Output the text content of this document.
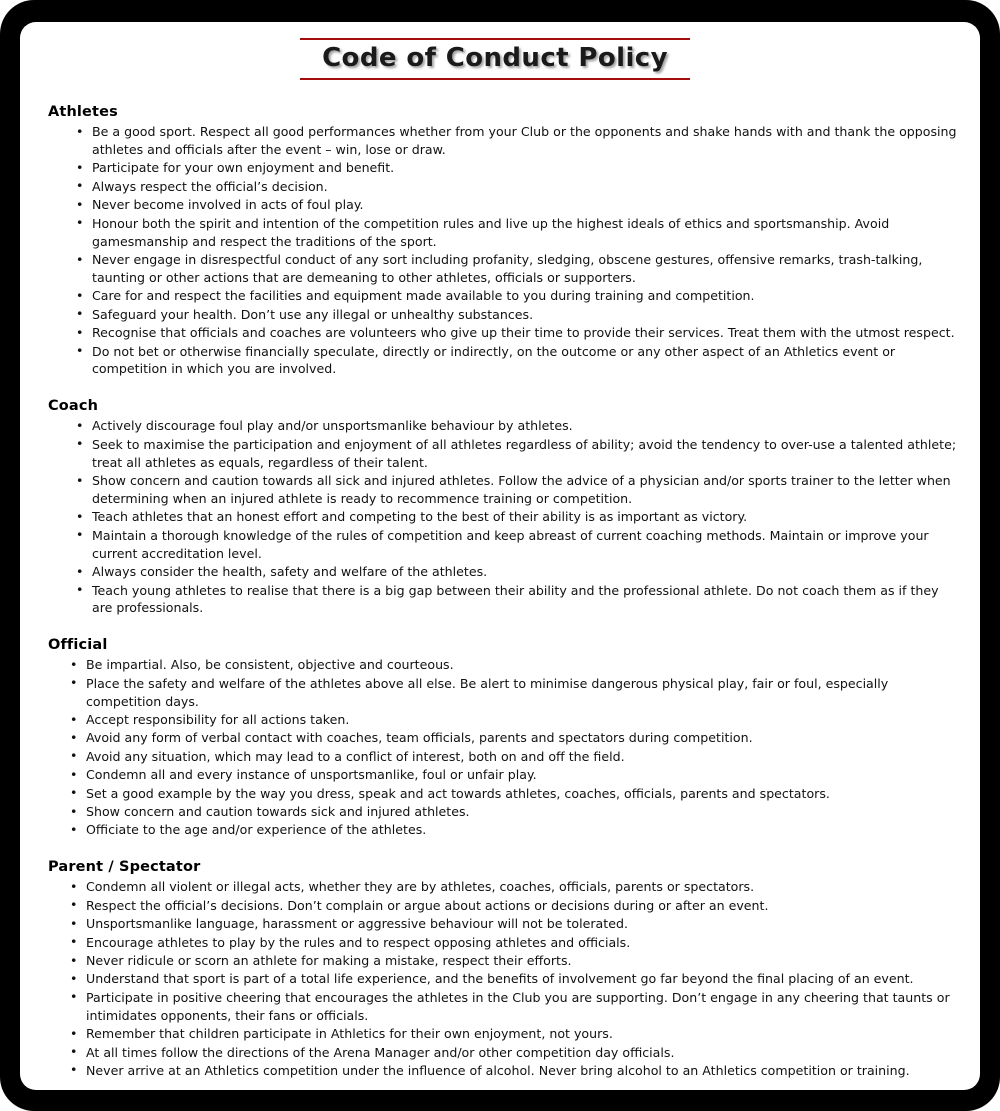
Code of Conduct Policy
Athletes
• Be a good sport. Respect all good performances whether from your Club or the opponents and shake hands with and thank the opposing athletes and officials after the event – win, lose or draw.
• Participate for your own enjoyment and benefit.
• Always respect the official’s decision.
• Never become involved in acts of foul play.
• Honour both the spirit and intention of the competition rules and live up the highest ideals of ethics and sportsmanship. Avoid gamesmanship and respect the traditions of the sport.
• Never engage in disrespectful conduct of any sort including profanity, sledging, obscene gestures, offensive remarks, trash-talking, taunting or other actions that are demeaning to other athletes, officials or supporters.
• Care for and respect the facilities and equipment made available to you during training and competition.
• Safeguard your health. Don’t use any illegal or unhealthy substances.
• Recognise that officials and coaches are volunteers who give up their time to provide their services. Treat them with the utmost respect.
• Do not bet or otherwise financially speculate, directly or indirectly, on the outcome or any other aspect of an Athletics event or competition in which you are involved.
Coach
• Actively discourage foul play and/or unsportsmanlike behaviour by athletes.
• Seek to maximise the participation and enjoyment of all athletes regardless of ability; avoid the tendency to over-use a talented athlete; treat all athletes as equals, regardless of their talent.
• Show concern and caution towards all sick and injured athletes. Follow the advice of a physician and/or sports trainer to the letter when determining when an injured athlete is ready to recommence training or competition.
• Teach athletes that an honest effort and competing to the best of their ability is as important as victory.
• Maintain a thorough knowledge of the rules of competition and keep abreast of current coaching methods. Maintain or improve your current accreditation level.
• Always consider the health, safety and welfare of the athletes.
• Teach young athletes to realise that there is a big gap between their ability and the professional athlete. Do not coach them as if they are professionals.
Official
• Be impartial. Also, be consistent, objective and courteous.
• Place the safety and welfare of the athletes above all else. Be alert to minimise dangerous physical play, fair or foul, especially competition days.
• Accept responsibility for all actions taken.
• Avoid any form of verbal contact with coaches, team officials, parents and spectators during competition.
• Avoid any situation, which may lead to a conflict of interest, both on and off the field.
• Condemn all and every instance of unsportsmanlike, foul or unfair play.
• Set a good example by the way you dress, speak and act towards athletes, coaches, officials, parents and spectators.
• Show concern and caution towards sick and injured athletes.
• Officiate to the age and/or experience of the athletes.
Parent / Spectator
• Condemn all violent or illegal acts, whether they are by athletes, coaches, officials, parents or spectators.
• Respect the official’s decisions. Don’t complain or argue about actions or decisions during or after an event.
• Unsportsmanlike language, harassment or aggressive behaviour will not be tolerated.
• Encourage athletes to play by the rules and to respect opposing athletes and officials.
• Never ridicule or scorn an athlete for making a mistake, respect their efforts.
• Understand that sport is part of a total life experience, and the benefits of involvement go far beyond the final placing of an event.
• Participate in positive cheering that encourages the athletes in the Club you are supporting. Don’t engage in any cheering that taunts or intimidates opponents, their fans or officials.
• Remember that children participate in Athletics for their own enjoyment, not yours.
• At all times follow the directions of the Arena Manager and/or other competition day officials.
• Never arrive at an Athletics competition under the influence of alcohol. Never bring alcohol to an Athletics competition or training.
